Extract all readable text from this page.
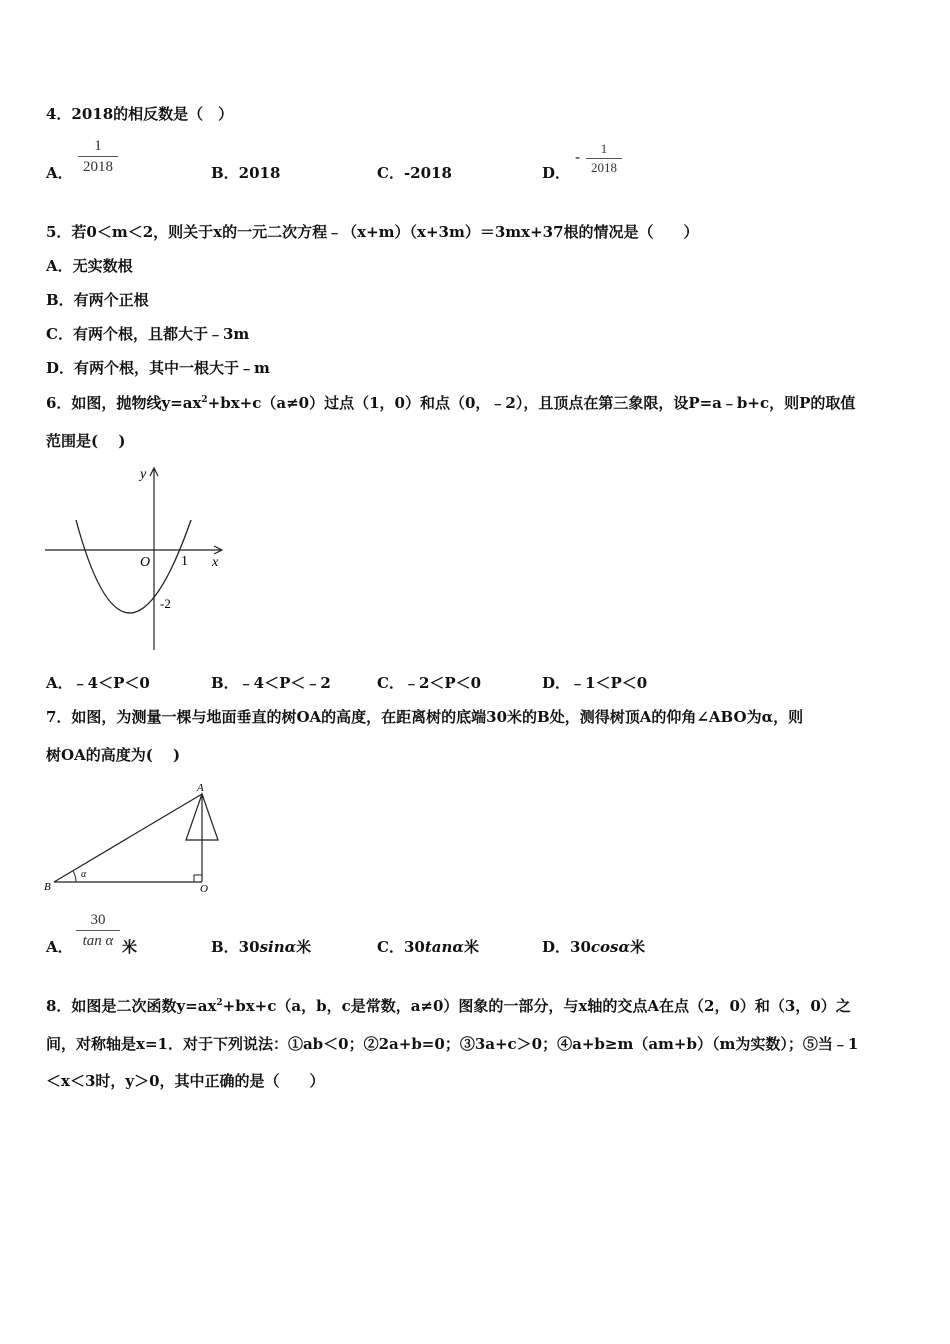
4．2018的相反数是（　）
A．
1
2018	B．2018	C．-2018	D．
-	1
2018
5．若0＜m＜2，则关于x的一元二次方程﹣（x+m）（x+3m）＝3mx+37根的情况是（　　）
A．无实数根
B．有两个正根
C．有两个根，且都大于﹣3m
D．有两个根，其中一根大于﹣m
6．如图，抛物线$y=ax^2+bx+c(a\ne 0)$过点（1，0）和点（0，﹣2），且顶点在第三象限，设P=a﹣b+c，则P的取值
范围是(　 )
y
x
O 1
-2
A．﹣4＜P＜0	B．﹣4＜P＜﹣2	C．﹣2＜P＜0	D．﹣1＜P＜0
7．如图，为测量一棵与地面垂直的树OA的高度，在距离树的底端30米的B处，测得树顶A的仰角∠ABO为α，则
树OA的高度为(　 )
A
B	O
α
A．
30
tan α 米	B．30sinα米	C．30tanα米	D．30cosα米
8．如图是二次函数$y=ax^2+bx+c(a$，b，c是常数，a≠0）图象的一部分，与x轴的交点A在点（2，0）和（3，0）之
间，对称轴是x=1．对于下列说法：①ab＜0；②2a+b=0；③3a+c＞0；④a+b≥m（am+b）（m为实数）；⑤当﹣1
＜x＜3时，y＞0，其中正确的是（　　）
